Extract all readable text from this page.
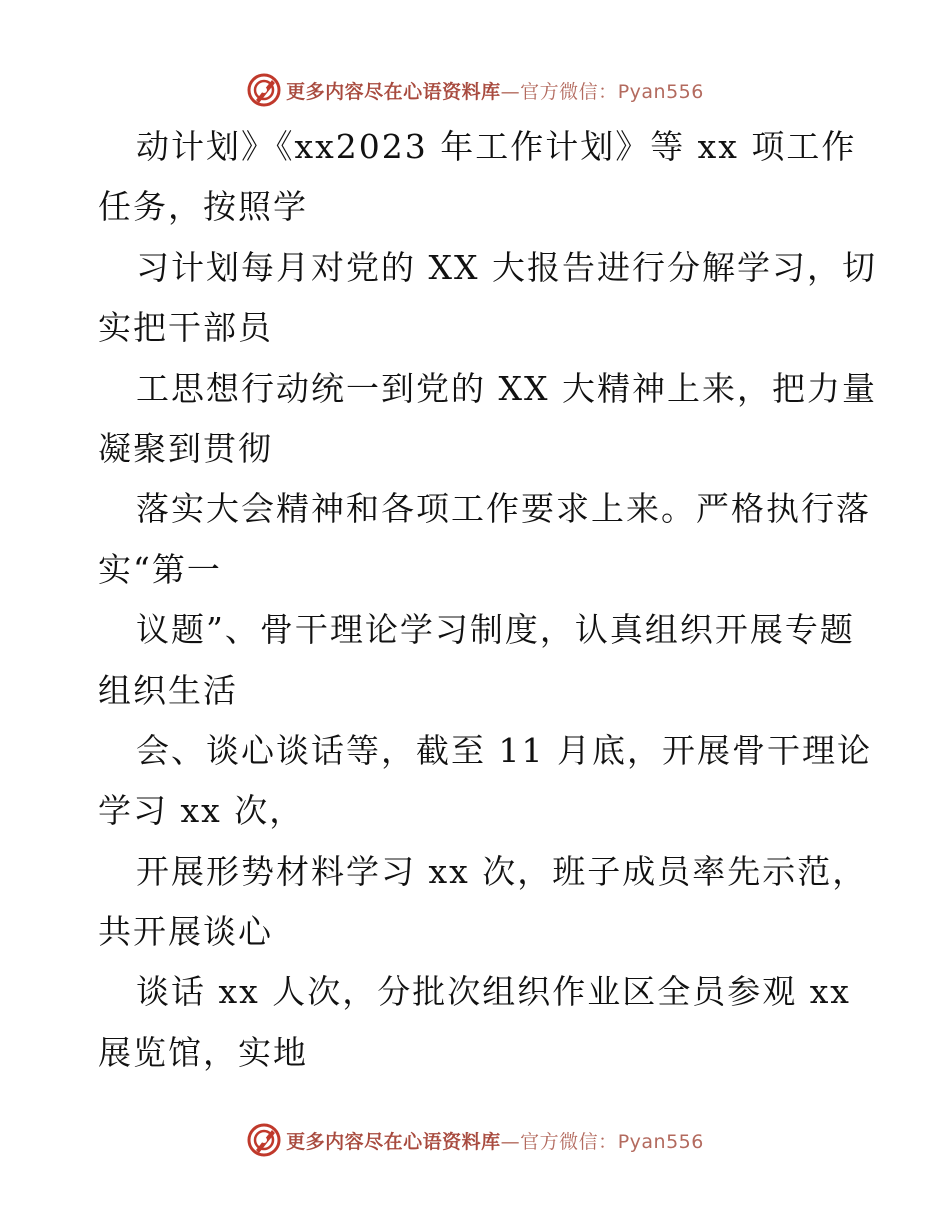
更多内容尽在心语资料库—官方微信：Pyan556
动计划》《xx2023 年工作计划》等 xx 项工作
任务，按照学
习计划每月对党的 XX 大报告进行分解学习，切
实把干部员
工思想行动统一到党的 XX 大精神上来，把力量
凝聚到贯彻
落实大会精神和各项工作要求上来。严格执行落
实“第一
议题”、骨干理论学习制度，认真组织开展专题
组织生活
会、谈心谈话等，截至 11 月底，开展骨干理论
学习 xx 次，
开展形势材料学习 xx 次，班子成员率先示范，
共开展谈心
谈话 xx 人次，分批次组织作业区全员参观 xx
展览馆，实地
更多内容尽在心语资料库—官方微信：Pyan556
